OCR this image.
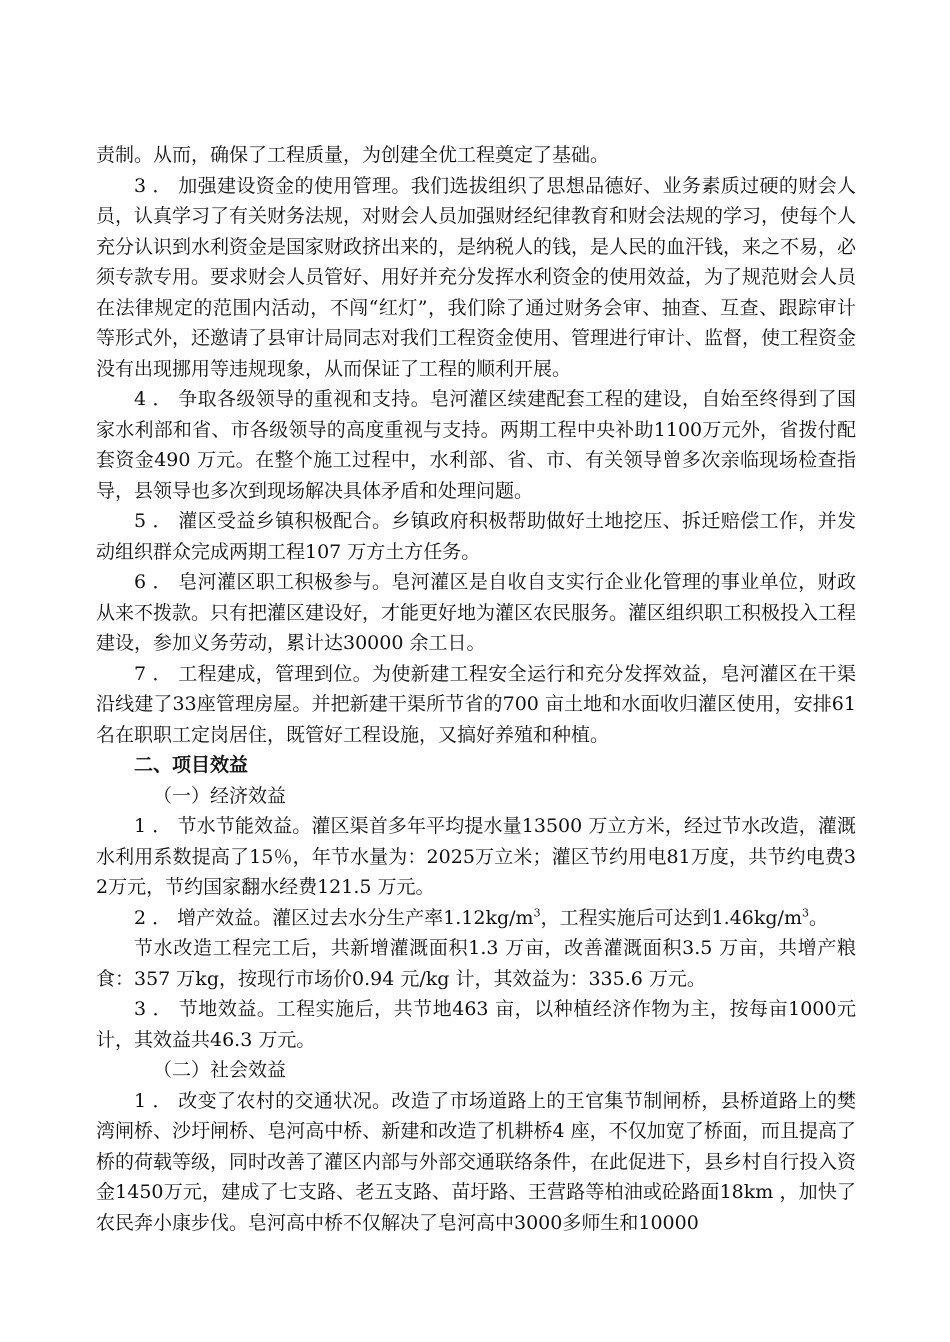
责制。从而，确保了工程质量，为创建全优工程奠定了基础。

3 ． 加强建设资金的使用管理。我们选拔组织了思想品德好、业务素质过硬的财会人员，认真学习了有关财务法规，对财会人员加强财经纪律教育和财会法规的学习，使每个人充分认识到水利资金是国家财政挤出来的，是纳税人的钱，是人民的血汗钱，来之不易，必须专款专用。要求财会人员管好、用好并充分发挥水利资金的使用效益，为了规范财会人员在法律规定的范围内活动，不闯“红灯”，我们除了通过财务会审、抽查、互查、跟踪审计等形式外，还邀请了县审计局同志对我们工程资金使用、管理进行审计、监督，使工程资金没有出现挪用等违规现象，从而保证了工程的顺利开展。

4 ． 争取各级领导的重视和支持。皂河灌区续建配套工程的建设，自始至终得到了国家水利部和省、市各级领导的高度重视与支持。两期工程中央补助1100万元外，省拨付配套资金490 万元。在整个施工过程中，水利部、省、市、有关领导曾多次亲临现场检查指导，县领导也多次到现场解决具体矛盾和处理问题。

5 ． 灌区受益乡镇积极配合。乡镇政府积极帮助做好土地挖压、拆迁赔偿工作，并发动组织群众完成两期工程107 万方土方任务。

6 ． 皂河灌区职工积极参与。皂河灌区是自收自支实行企业化管理的事业单位，财政从来不拨款。只有把灌区建设好，才能更好地为灌区农民服务。灌区组织职工积极投入工程建设，参加义务劳动，累计达30000 余工日。

7 ． 工程建成，管理到位。为使新建工程安全运行和充分发挥效益，皂河灌区在干渠沿线建了33座管理房屋。并把新建干渠所节省的700 亩土地和水面收归灌区使用，安排61名在职职工定岗居住，既管好工程设施，又搞好养殖和种植。

二、项目效益

（一）经济效益

1 ． 节水节能效益。灌区渠首多年平均提水量13500 万立方米，经过节水改造，灌溉水利用系数提高了15％，年节水量为：2025万立米；灌区节约用电81万度，共节约电费32万元，节约国家翻水经费121.5 万元。

2 ． 增产效益。灌区过去水分生产率$1.12kg/m^3$，工程实施后可达到$1.46kg/m^3$。

节水改造工程完工后，共新增灌溉面积1.3 万亩，改善灌溉面积3.5 万亩，共增产粮食：357 万kg，按现行市场价0.94 元/kg 计，其效益为：335.6 万元。

3 ． 节地效益。工程实施后，共节地463 亩，以种植经济作物为主，按每亩1000元计，其效益共46.3 万元。

（二）社会效益

1 ． 改变了农村的交通状况。改造了市场道路上的王官集节制闸桥，县桥道路上的樊湾闸桥、沙圩闸桥、皂河高中桥、新建和改造了机耕桥4 座，不仅加宽了桥面，而且提高了桥的荷载等级，同时改善了灌区内部与外部交通联络条件，在此促进下，县乡村自行投入资金1450万元，建成了七支路、老五支路、苗圩路、王营路等柏油或砼路面18km ，加快了农民奔小康步伐。皂河高中桥不仅解决了皂河高中3000多师生和10000
